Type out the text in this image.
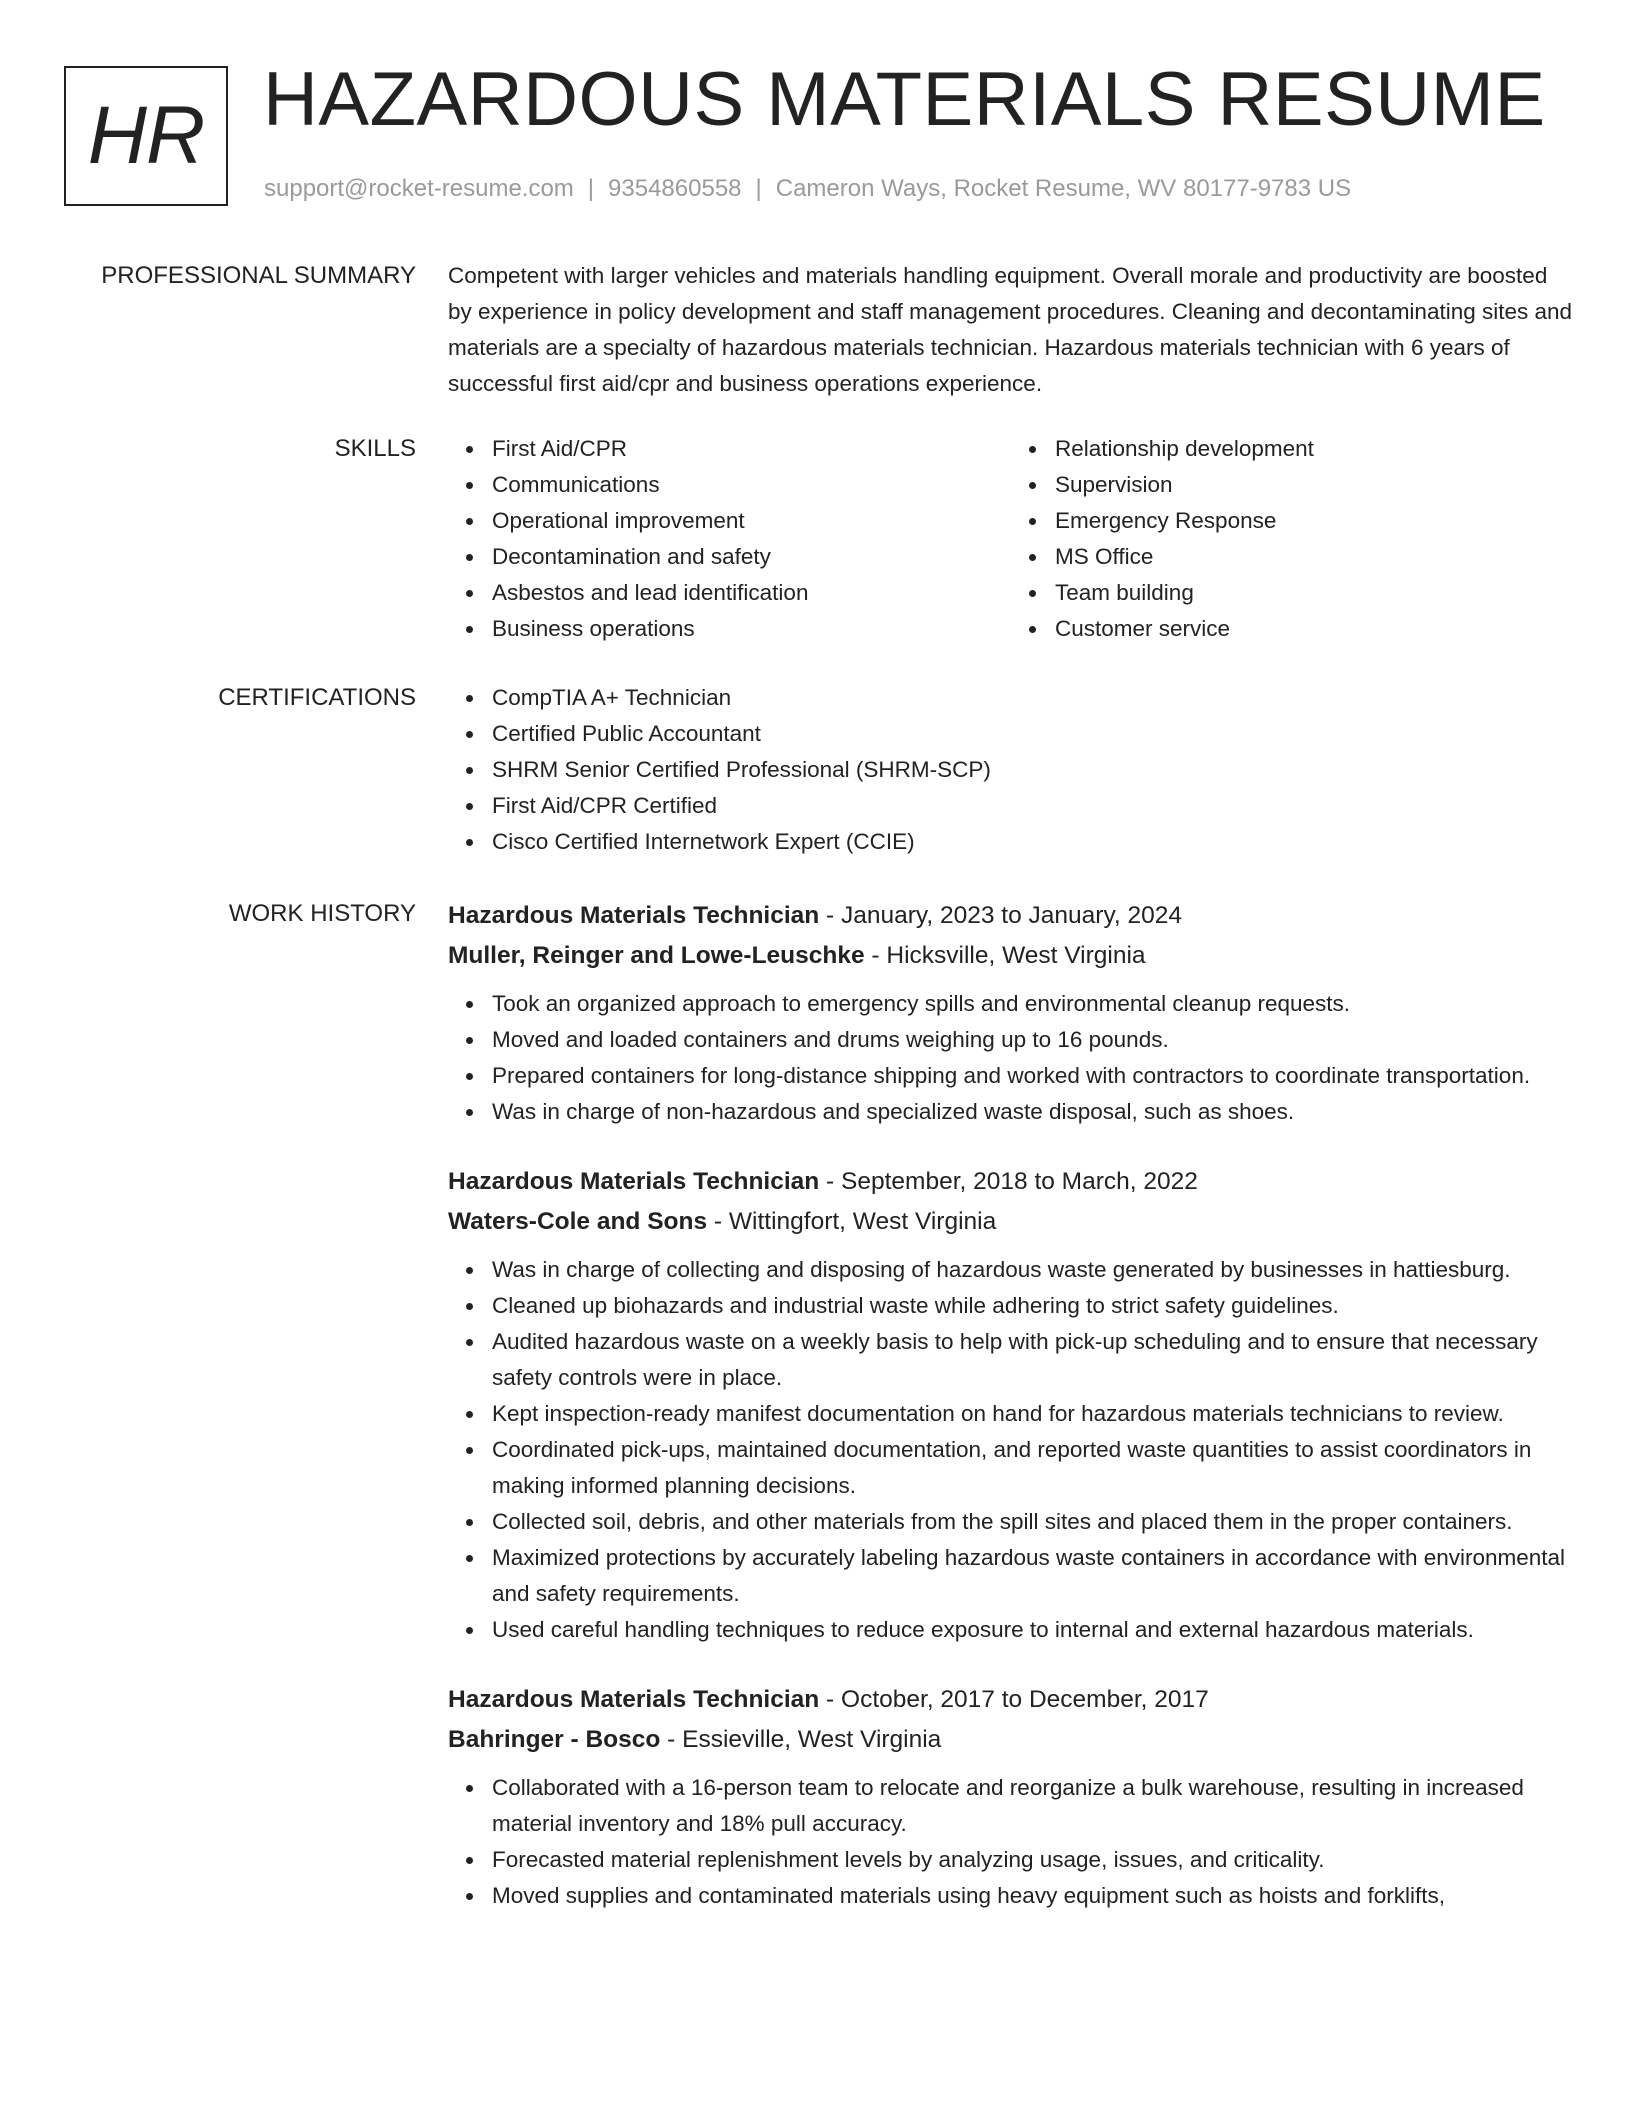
HR HAZARDOUS MATERIALS RESUME
support@rocket-resume.com | 9354860558 | Cameron Ways, Rocket Resume, WV 80177-9783 US
PROFESSIONAL SUMMARY Competent with larger vehicles and materials handling equipment. Overall morale and productivity are boosted by experience in policy development and staff management procedures. Cleaning and decontaminating sites and materials are a specialty of hazardous materials technician. Hazardous materials technician with 6 years of successful first aid/cpr and business operations experience.
SKILLS	First Aid/CPR
Communications
Operational improvement
Decontamination and safety
Asbestos and lead identification
Business operations
Relationship development
Supervision
Emergency Response
MS Office
Team building
Customer service
CERTIFICATIONS	CompTIA A+ Technician
Certified Public Accountant
SHRM Senior Certified Professional (SHRM-SCP)
First Aid/CPR Certified
Cisco Certified Internetwork Expert (CCIE)
WORK HISTORY Hazardous Materials Technician - January, 2023 to January, 2024
Muller, Reinger and Lowe-Leuschke - Hicksville, West Virginia
Took an organized approach to emergency spills and environmental cleanup requests.
Moved and loaded containers and drums weighing up to 16 pounds.
Prepared containers for long-distance shipping and worked with contractors to coordinate transportation.
Was in charge of non-hazardous and specialized waste disposal, such as shoes.
Hazardous Materials Technician - September, 2018 to March, 2022
Waters-Cole and Sons - Wittingfort, West Virginia
Was in charge of collecting and disposing of hazardous waste generated by businesses in hattiesburg.
Cleaned up biohazards and industrial waste while adhering to strict safety guidelines.
Audited hazardous waste on a weekly basis to help with pick-up scheduling and to ensure that necessary safety controls were in place.
Kept inspection-ready manifest documentation on hand for hazardous materials technicians to review.
Coordinated pick-ups, maintained documentation, and reported waste quantities to assist coordinators in making informed planning decisions.
Collected soil, debris, and other materials from the spill sites and placed them in the proper containers.
Maximized protections by accurately labeling hazardous waste containers in accordance with environmental and safety requirements.
Used careful handling techniques to reduce exposure to internal and external hazardous materials.
Hazardous Materials Technician - October, 2017 to December, 2017
Bahringer - Bosco - Essieville, West Virginia
Collaborated with a 16-person team to relocate and reorganize a bulk warehouse, resulting in increased material inventory and 18% pull accuracy.
Forecasted material replenishment levels by analyzing usage, issues, and criticality.
Moved supplies and contaminated materials using heavy equipment such as hoists and forklifts,
